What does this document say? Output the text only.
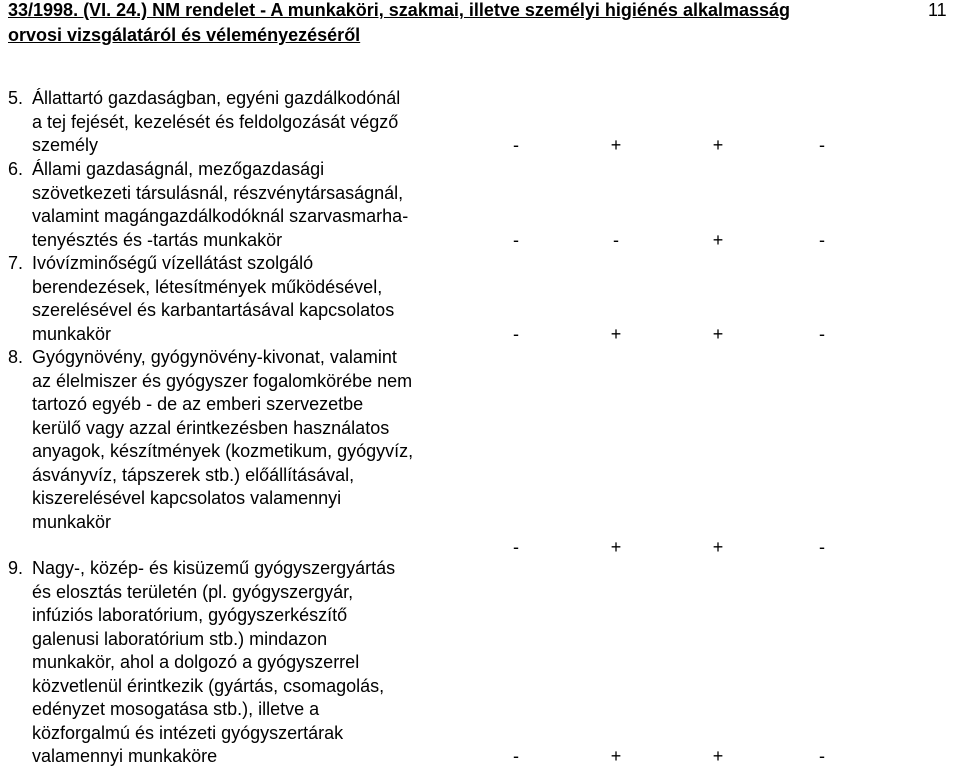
33/1998. (VI. 24.) NM rendelet - A munkaköri, szakmai, illetve személyi higiénés alkalmasság
orvosi vizsgálatáról és véleményezéséről
11
5. Állattartó gazdaságban, egyéni gazdálkodónál
a tej fejését, kezelését és feldolgozását végző
személy	-	+	+	-
6. Állami gazdaságnál, mezőgazdasági
szövetkezeti társulásnál, részvénytársaságnál,
valamint magángazdálkodóknál szarvasmarha-
tenyésztés és -tartás munkakör	-	-	+	-
7. Ivóvízminőségű vízellátást szolgáló
berendezések, létesítmények működésével,
szerelésével és karbantartásával kapcsolatos
munkakör	-	+	+	-
8. Gyógynövény, gyógynövény-kivonat, valamint
az élelmiszer és gyógyszer fogalomkörébe nem
tartozó egyéb - de az emberi szervezetbe
kerülő vagy azzal érintkezésben használatos
anyagok, készítmények (kozmetikum, gyógyvíz,
ásványvíz, tápszerek stb.) előállításával,
kiszerelésével kapcsolatos valamennyi
munkakör
-	+	+	-
9. Nagy-, közép- és kisüzemű gyógyszergyártás
és elosztás területén (pl. gyógyszergyár,
infúziós laboratórium, gyógyszerkészítő
galenusi laboratórium stb.) mindazon
munkakör, ahol a dolgozó a gyógyszerrel
közvetlenül érintkezik (gyártás, csomagolás,
edényzet mosogatása stb.), illetve a
közforgalmú és intézeti gyógyszertárak
valamennyi munkaköre	-	+	+	-
